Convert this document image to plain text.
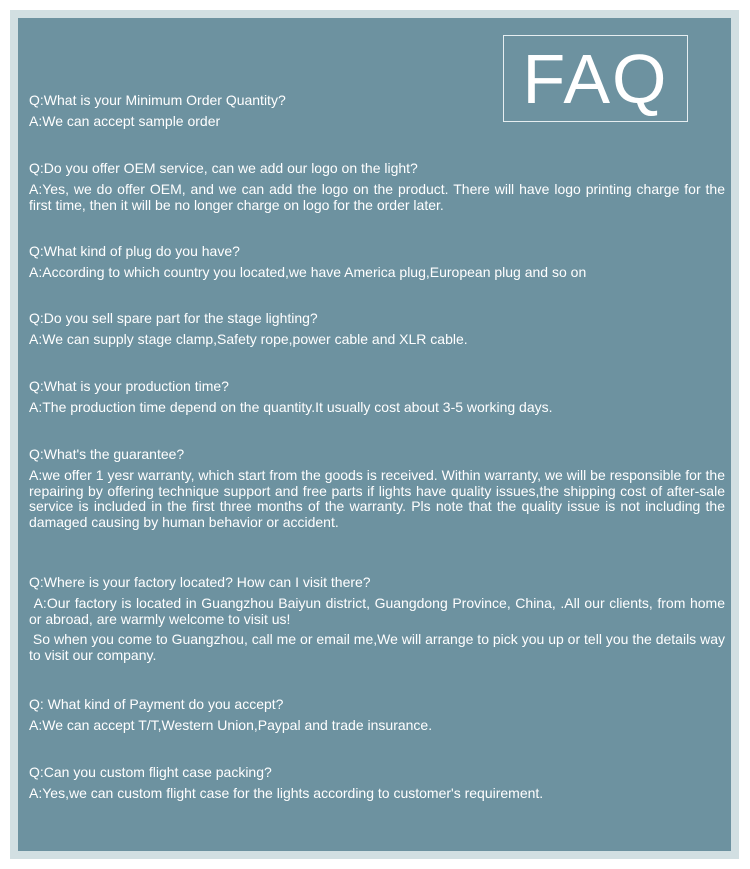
FAQ
Q:What is your Minimum Order Quantity?

A:We can accept sample order

Q:Do you offer OEM service, can we add our logo on the light?

A:Yes, we do offer OEM, and we can add the logo on the product. There will have logo printing charge for the first time, then it will be no longer charge on logo for the order later.

Q:What kind of plug do you have?

A:According to which country you located,we have America plug,European plug and so on

Q:Do you sell spare part for the stage lighting?

A:We can supply stage clamp,Safety rope,power cable and XLR cable.

Q:What is your production time?

A:The production time depend on the quantity.It usually cost about 3-5 working days.

Q:What's the guarantee?

A:we offer 1 yesr warranty, which start from the goods is received. Within warranty, we will be responsible for the repairing by offering technique support and free parts if lights have quality issues,the shipping cost of after-sale service is included in the first three months of the warranty. Pls note that the quality issue is not including the damaged causing by human behavior or accident.

Q:Where is your factory located? How can I visit there?

A:Our factory is located in Guangzhou Baiyun district, Guangdong Province, China, .All our clients, from home or abroad, are warmly welcome to visit us!

So when you come to Guangzhou, call me or email me,We will arrange to pick you up or tell you the details way to visit our company.

Q: What kind of Payment do you accept?

A:We can accept T/T,Western Union,Paypal and trade insurance.

Q:Can you custom flight case packing?

A:Yes,we can custom flight case for the lights according to customer's requirement.
